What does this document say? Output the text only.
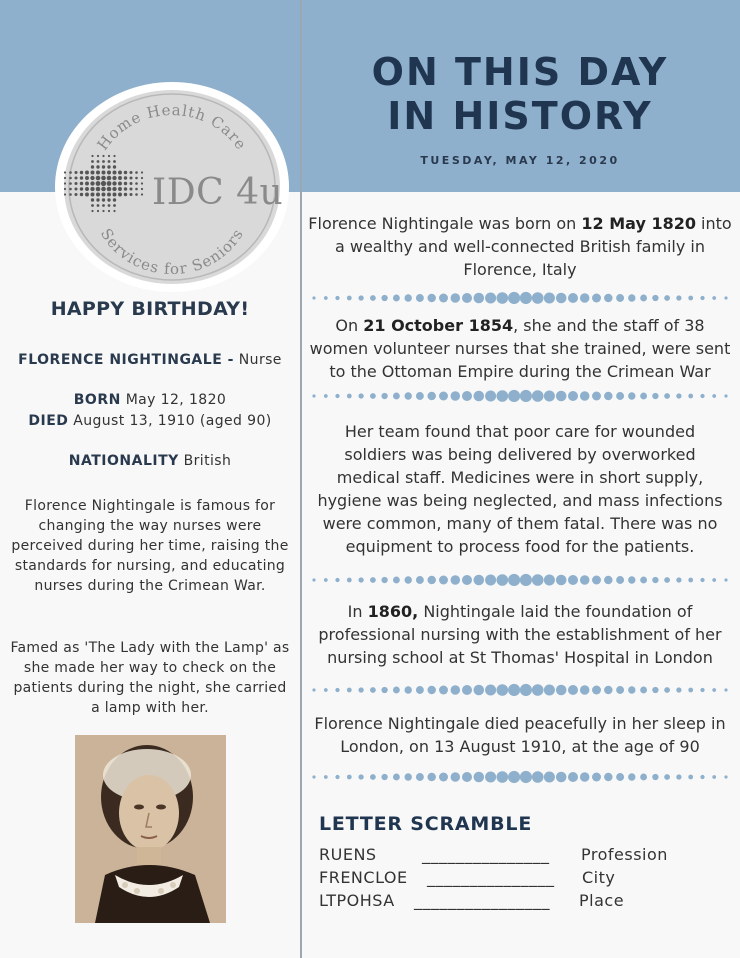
Home Health Care
Services for Seniors
IDC 4u
HAPPY BIRTHDAY!
FLORENCE NIGHTINGALE - Nurse
BORN May 12, 1820
DIED August 13, 1910 (aged 90)
NATIONALITY British
Florence Nightingale is famous for changing the way nurses were perceived during her time, raising the standards for nursing, and educating nurses during the Crimean War.
Famed as 'The Lady with the Lamp' as she made her way to check on the patients during the night, she carried a lamp with her.
ON THIS DAY
IN HISTORY
TUESDAY, MAY 12, 2020
Florence Nightingale was born on 12 May 1820 into a wealthy and well-connected British family in Florence, Italy
On 21 October 1854, she and the staff of 38 women volunteer nurses that she trained, were sent to the Ottoman Empire during the Crimean War
Her team found that poor care for wounded soldiers was being delivered by overworked medical staff. Medicines were in short supply, hygiene was being neglected, and mass infections were common, many of them fatal. There was no equipment to process food for the patients.
In 1860, Nightingale laid the foundation of professional nursing with the establishment of her nursing school at St Thomas' Hospital in London
Florence Nightingale died peacefully in her sleep in London, on 13 August 1910, at the age of 90
LETTER SCRAMBLE
RUENS	_______________ Profession
FRENCLOE _______________ City
LTPOHSA ________________ Place
